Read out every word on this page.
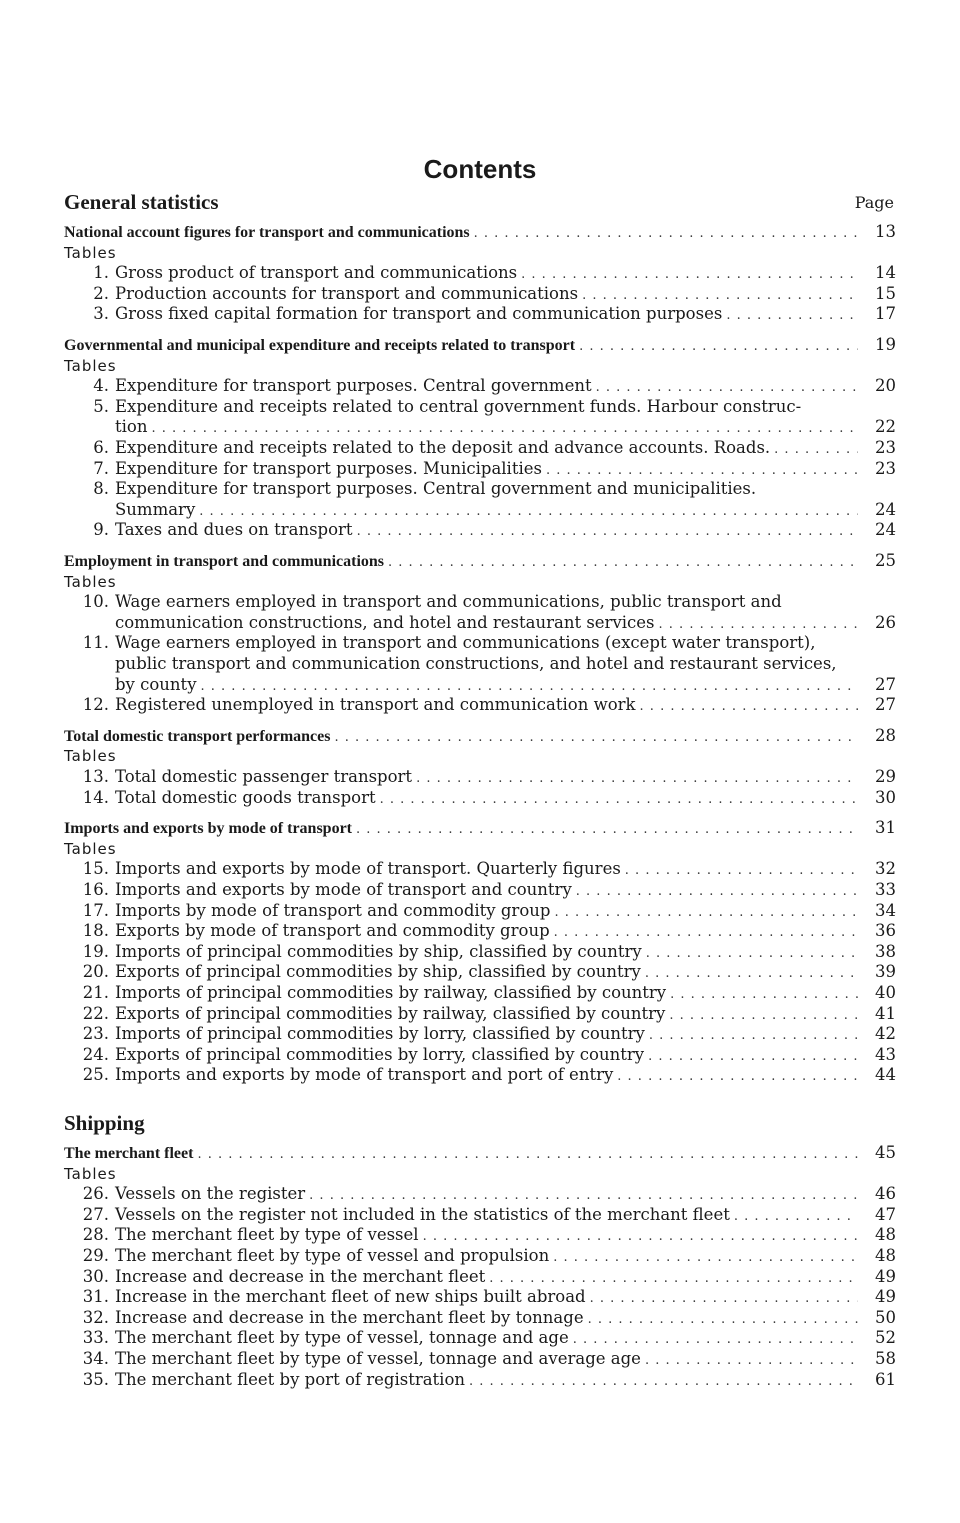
Contents
General statistics	Page
National account figures for transport and communications . . .	13
Tables
1. Gross product of transport and communications . . .	14
2. Production accounts for transport and communications . . .	15
3. Gross fixed capital formation for transport and communication purposes . . .	17
Governmental and municipal expenditure and receipts related to transport . . .	19
Tables
4. Expenditure for transport purposes. Central government . . .	20
5. Expenditure and receipts related to central government funds. Harbour construc-
tion . . .	22
6. Expenditure and receipts related to the deposit and advance accounts. Roads. . . .	23
7. Expenditure for transport purposes. Municipalities . . .	23
8. Expenditure for transport purposes. Central government and municipalities.
Summary . . .	24
9. Taxes and dues on transport . . .	24
Employment in transport and communications . . .	25
Tables
10. Wage earners employed in transport and communications, public transport and
communication constructions, and hotel and restaurant services . . .	26
11. Wage earners employed in transport and communications (except water transport),
public transport and communication constructions, and hotel and restaurant services,
by county . . .	27
12. Registered unemployed in transport and communication work . . .	27
Total domestic transport performances . . .	28
Tables
13. Total domestic passenger transport . . .	29
14. Total domestic goods transport . . .	30
Imports and exports by mode of transport . . .	31
Tables
15. Imports and exports by mode of transport. Quarterly figures . . .	32
16. Imports and exports by mode of transport and country . . .	33
17. Imports by mode of transport and commodity group . . .	34
18. Exports by mode of transport and commodity group . . .	36
19. Imports of principal commodities by ship, classified by country . . .	38
20. Exports of principal commodities by ship, classified by country . . .	39
21. Imports of principal commodities by railway, classified by country . . .	40
22. Exports of principal commodities by railway, classified by country . . .	41
23. Imports of principal commodities by lorry, classified by country . . .	42
24. Exports of principal commodities by lorry, classified by country . . .	43
25. Imports and exports by mode of transport and port of entry . . .	44
Shipping
The merchant fleet . . .	45
Tables
26. Vessels on the register . . .	46
27. Vessels on the register not included in the statistics of the merchant fleet . . .	47
28. The merchant fleet by type of vessel . . .	48
29. The merchant fleet by type of vessel and propulsion . . .	48
30. Increase and decrease in the merchant fleet . . .	49
31. Increase in the merchant fleet of new ships built abroad . . .	49
32. Increase and decrease in the merchant fleet by tonnage . . .	50
33. The merchant fleet by type of vessel, tonnage and age . . .	52
34. The merchant fleet by type of vessel, tonnage and average age . . .	58
35. The merchant fleet by port of registration . . .	61
